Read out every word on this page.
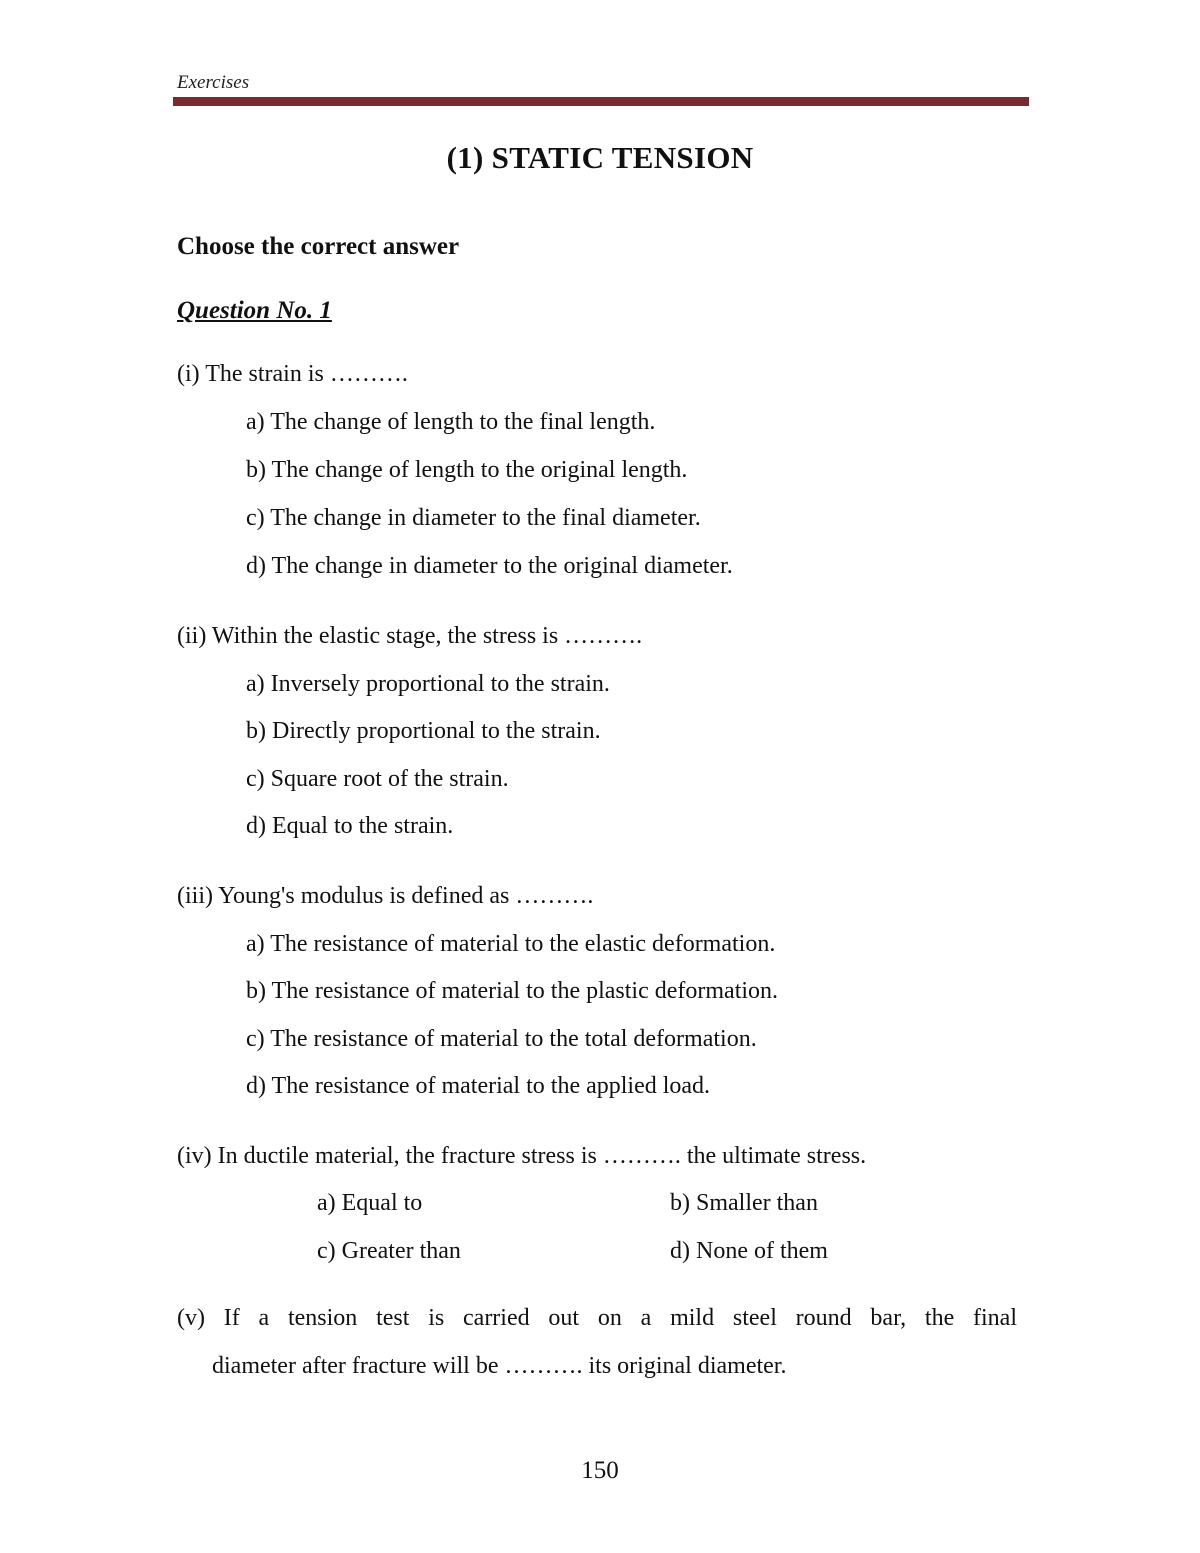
Exercises
(1) STATIC TENSION
Choose the correct answer
Question No. 1
(i) The strain is ……….
a) The change of length to the final length.
b) The change of length to the original length.
c) The change in diameter to the final diameter.
d) The change in diameter to the original diameter.
(ii) Within the elastic stage, the stress is ……….
a) Inversely proportional to the strain.
b) Directly proportional to the strain.
c) Square root of the strain.
d) Equal to the strain.
(iii) Young's modulus is defined as ……….
a) The resistance of material to the elastic deformation.
b) The resistance of material to the plastic deformation.
c) The resistance of material to the total deformation.
d) The resistance of material to the applied load.
(iv) In ductile material, the fracture stress is ………. the ultimate stress.
a) Equal to	b) Smaller than
c) Greater than	d) None of them
(v) If a tension test is carried out on a mild steel round bar, the final
diameter after fracture will be ………. its original diameter.
150
